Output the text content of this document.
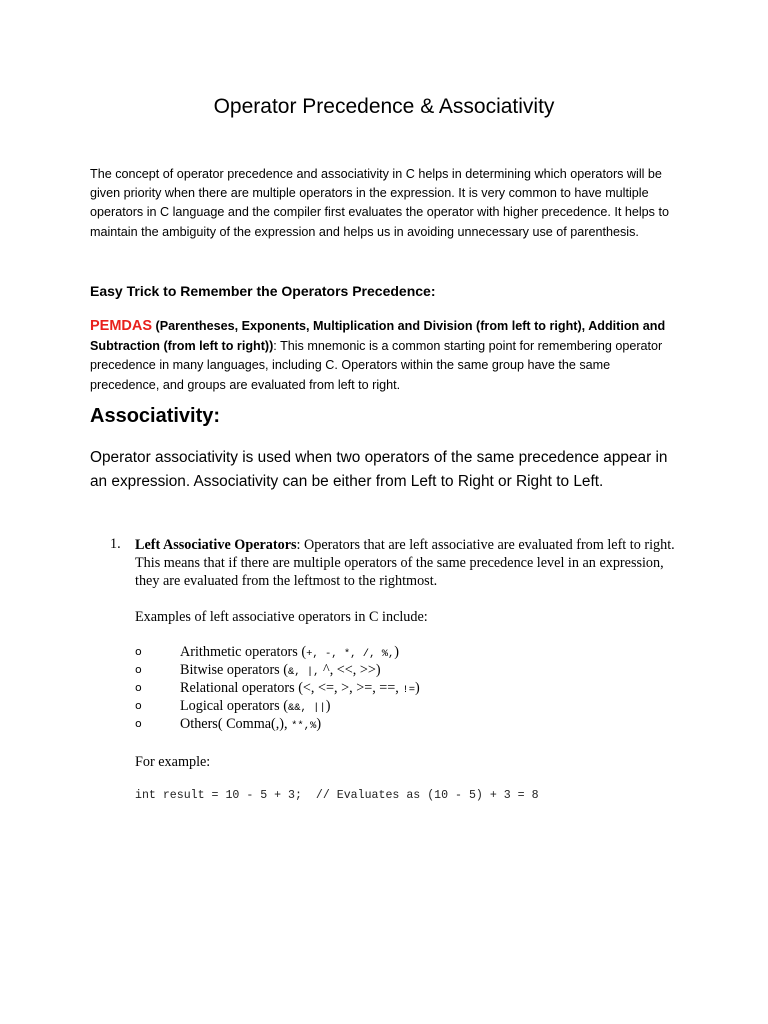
Operator Precedence & Associativity

The concept of operator precedence and associativity in C helps in determining which operators will be given priority when there are multiple operators in the expression. It is very common to have multiple operators in C language and the compiler first evaluates the operator with higher precedence. It helps to maintain the ambiguity of the expression and helps us in avoiding unnecessary use of parenthesis.

Easy Trick to Remember the Operators Precedence:

PEMDAS (Parentheses, Exponents, Multiplication and Division (from left to right), Addition and Subtraction (from left to right)): This mnemonic is a common starting point for remembering operator precedence in many languages, including C. Operators within the same group have the same precedence, and groups are evaluated from left to right.

Associativity:

Operator associativity is used when two operators of the same precedence appear in an expression. Associativity can be either from Left to Right or Right to Left.

1. Left Associative Operators: Operators that are left associative are evaluated from left to right. This means that if there are multiple operators of the same precedence level in an expression, they are evaluated from the leftmost to the rightmost.
Examples of left associative operators in C include:
o	Arithmetic operators (+, -, *, /, %,)
o	Bitwise operators (&, |, ^, <<, >>)
o	Relational operators (<, <=, >, >=, ==, !=)
o	Logical operators (&&, ||)
o	Others( Comma(,), **,%)
For example:
int result = 10 - 5 + 3;  // Evaluates as (10 - 5) + 3 = 8
